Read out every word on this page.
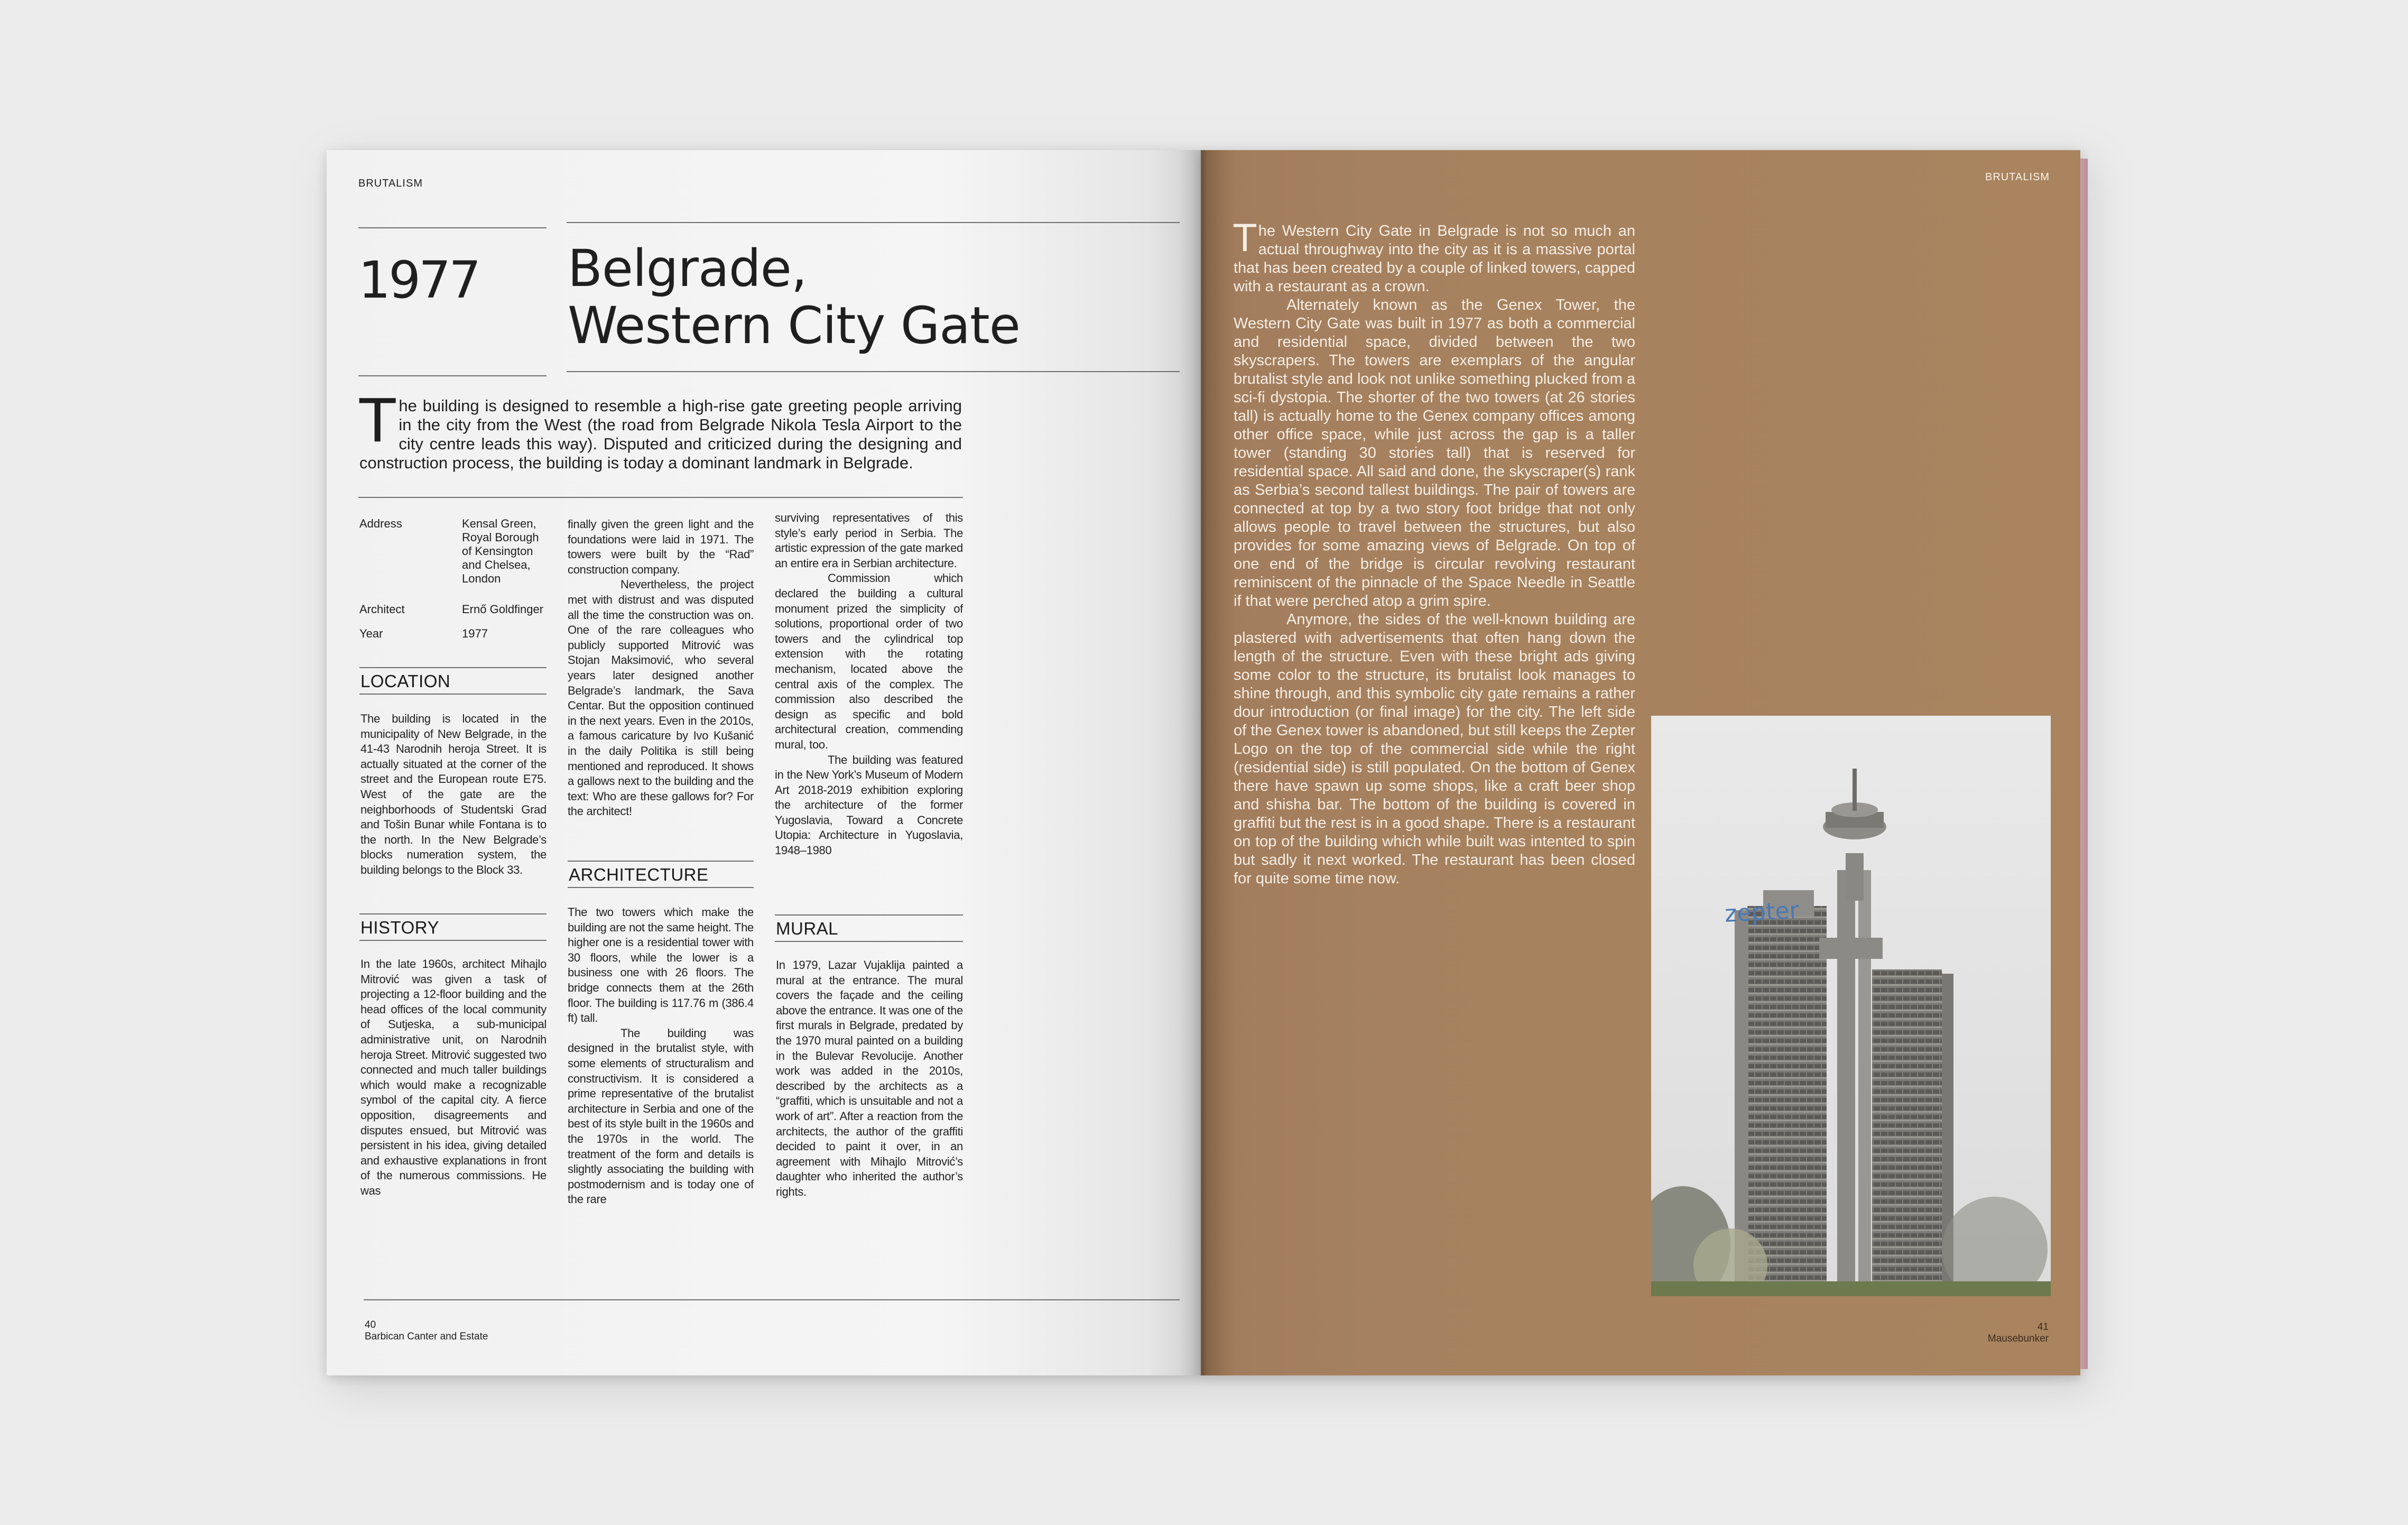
BRUTALISM
1977 Belgrade,
Western City Gate
The building is designed to resemble a high-rise gate greeting people arriving in the city from the West (the road from Belgrade Nikola Tesla Airport to the city centre leads this way). Disputed and criticized during the designing and construction process, the building is today a dominant landmark in Belgrade.
Address	Kensal Green, Royal Borough of Kensington and Chelsea, London
Architect	Ernő Goldfinger
Year	1977
LOCATION
The building is located in the municipality of New Belgrade, in the 41-43 Narodnih heroja Street. It is actually situated at the corner of the street and the European route E75. West of the gate are the neighborhoods of Studentski Grad and Tošin Bunar while Fontana is to the north. In the New Belgrade’s blocks numeration system, the building belongs to the Block 33.
HISTORY
In the late 1960s, architect Mihajlo Mitrović was given a task of projecting a 12-floor building and the head offices of the local community of Sutjeska, a sub-municipal administrative unit, on Narodnih heroja Street. Mitrović suggested two connected and much taller buildings which would make a recognizable symbol of the capital city. A fierce opposition, disagreements and disputes ensued, but Mitrović was persistent in his idea, giving detailed and exhaustive explanations in front of the numerous commissions. He was

finally given the green light and the foundations were laid in 1971. The towers were built by the “Rad” construction company.

Nevertheless, the project met with distrust and was disputed all the time the construction was on. One of the rare colleagues who publicly supported Mitrović was Stojan Maksimović, who several years later designed another Belgrade’s landmark, the Sava Centar. But the opposition continued in the next years. Even in the 2010s, a famous caricature by Ivo Kušanić in the daily Politika is still being mentioned and reproduced. It shows a gallows next to the building and the text: Who are these gallows for? For the architect!

ARCHITECTURE

The two towers which make the building are not the same height. The higher one is a residential tower with 30 floors, while the lower is a business one with 26 floors. The bridge connects them at the 26th floor. The building is 117.76 m (386.4 ft) tall.

The building was designed in the brutalist style, with some elements of structuralism and constructivism. It is considered a prime representative of the brutalist architecture in Serbia and one of the best of its style built in the 1960s and the 1970s in the world. The treatment of the form and details is slightly associating the building with postmodernism and is today one of the rare

surviving representatives of this style’s early period in Serbia. The artistic expression of the gate marked an entire era in Serbian architecture.

Commission which declared the building a cultural monument prized the simplicity of solutions, proportional order of two towers and the cylindrical top extension with the rotating mechanism, located above the central axis of the complex. The commission also described the design as specific and bold architectural creation, commending mural, too.

The building was featured in the New York’s Museum of Modern Art 2018-2019 exhibition exploring the architecture of the former Yugoslavia, Toward a Concrete Utopia: Architecture in Yugoslavia, 1948–1980

MURAL
In 1979, Lazar Vujaklija painted a mural at the entrance. The mural covers the façade and the ceiling above the entrance. It was one of the first murals in Belgrade, predated by the 1970 mural painted on a building in the Bulevar Revolucije. Another work was added in the 2010s, described by the architects as a “graffiti, which is unsuitable and not a work of art”. After a reaction from the architects, the author of the graffiti decided to paint it over, in an agreement with Mihajlo Mitrović’s daughter who inherited the author’s rights.
40
Barbican Canter and Estate
BRUTALISM

The Western City Gate in Belgrade is not so much an actual throughway into the city as it is a massive portal that has been created by a couple of linked towers, capped with a restaurant as a crown.

Alternately known as the Genex Tower, the Western City Gate was built in 1977 as both a commercial and residential space, divided between the two skyscrapers. The towers are exemplars of the angular brutalist style and look not unlike something plucked from a sci-fi dystopia. The shorter of the two towers (at 26 stories tall) is actually home to the Genex company offices among other office space, while just across the gap is a taller tower (standing 30 stories tall) that is reserved for residential space. All said and done, the skyscraper(s) rank as Serbia’s second tallest buildings. The pair of towers are connected at top by a two story foot bridge that not only allows people to travel between the structures, but also provides for some amazing views of Belgrade. On top of one end of the bridge is circular revolving restaurant reminiscent of the pinnacle of the Space Needle in Seattle if that were perched atop a grim spire.

Anymore, the sides of the well-known building are plastered with advertisements that often hang down the length of the structure. Even with these bright ads giving some color to the structure, its brutalist look manages to shine through, and this symbolic city gate remains a rather dour introduction (or final image) for the city. The left side of the Genex tower is abandoned, but still keeps the Zepter Logo on the top of the commercial side while the right (residential side) is still populated. On the bottom of Genex there have spawn up some shops, like a craft beer shop and shisha bar. The bottom of the building is covered in graffiti but the rest is in a good shape. There is a restaurant on top of the building which while built was intented to spin but sadly it next worked. The restaurant has been closed for quite some time now.

zepter
41
Mausebunker
